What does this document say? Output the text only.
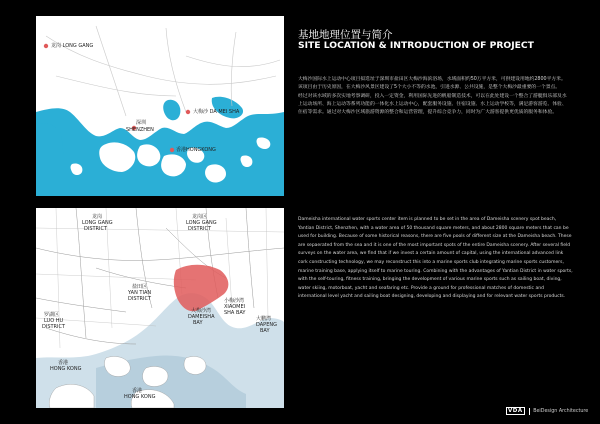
龙岗 LONG GANG
大梅沙 DA MEI SHA
深圳
SHENZHEN
香港 HONGKONG
龙岗
LONG GANG
DISTRICT
龙岗区
LONG GANG
DISTRICT
罗湖区
LUO HU
DISTRICT
盐田区
YAN TIAN
DISTRICT
大梅沙湾
DAMEISHA
BAY
小梅沙湾
XIAOMEI
SHA BAY
大鹏湾
DAPENG
BAY
香港
HONG KONG
香港
HONG KONG
基地地理位置与简介
SITE LOCATION & INTRODUCTION OF PROJECT

大梅沙国际水上运动中心项目拟选址于深圳市盐田区大梅沙海滨浴场，水域面积约50万平方米，可供建设用地约2800平方米。

该项目由于历史原因，在大梅沙风景区建设了5个大小不等的水池，引进水源、公共设施，是整个大梅沙最重要的一个景点。

经过对该水域的多次实地考察调研，投入一定资金，利用国际先进的帆船制造技术，可以在此处建设一个整合了游艇俱乐部及水上运动场所、海上运动等系列功能的一体化水上运动中心，配套服务设施、住宿设施、水上运动学校等，满足游客游览、体验、住宿等需求。通过对大梅沙区域旅游资源的整合和运营管理，提升综合竞争力，同时为广大游客提供更优质的服务和体验。

Dameisha international water sports center item is planned to be set in the area of Dameisha scenery spot beach, Yantian District, Shenzhen, with a water area of 50 thousand square meters, and about 2800 square meters that can be used for building. Because of some historical reasons, there are five pools of different size at the Dameisha beach. These are sepaerated from the sea and it is one of the most important spots of the entire Dameisha scenery. After several field surveys on the water area, we find that if we invest a certain amount of capital, using the international advanced link cork constructing technology, we may reconstruct this into a marine sports club integrating marine sports customers, marine training base, applying itself to marine touring. Combining with the advantages of Yantian District in water sports, with the self-touring, fitness training, bringing the development of various marine sports such as sailing boat, diving, water skiing, motorboat, yacht and seafaring etc. Provide a ground for professional matches of domestic and international level yacht and sailing boat designing, developing and displaying and for relevant water sports products.

VDA	BeiDesign Architecture
